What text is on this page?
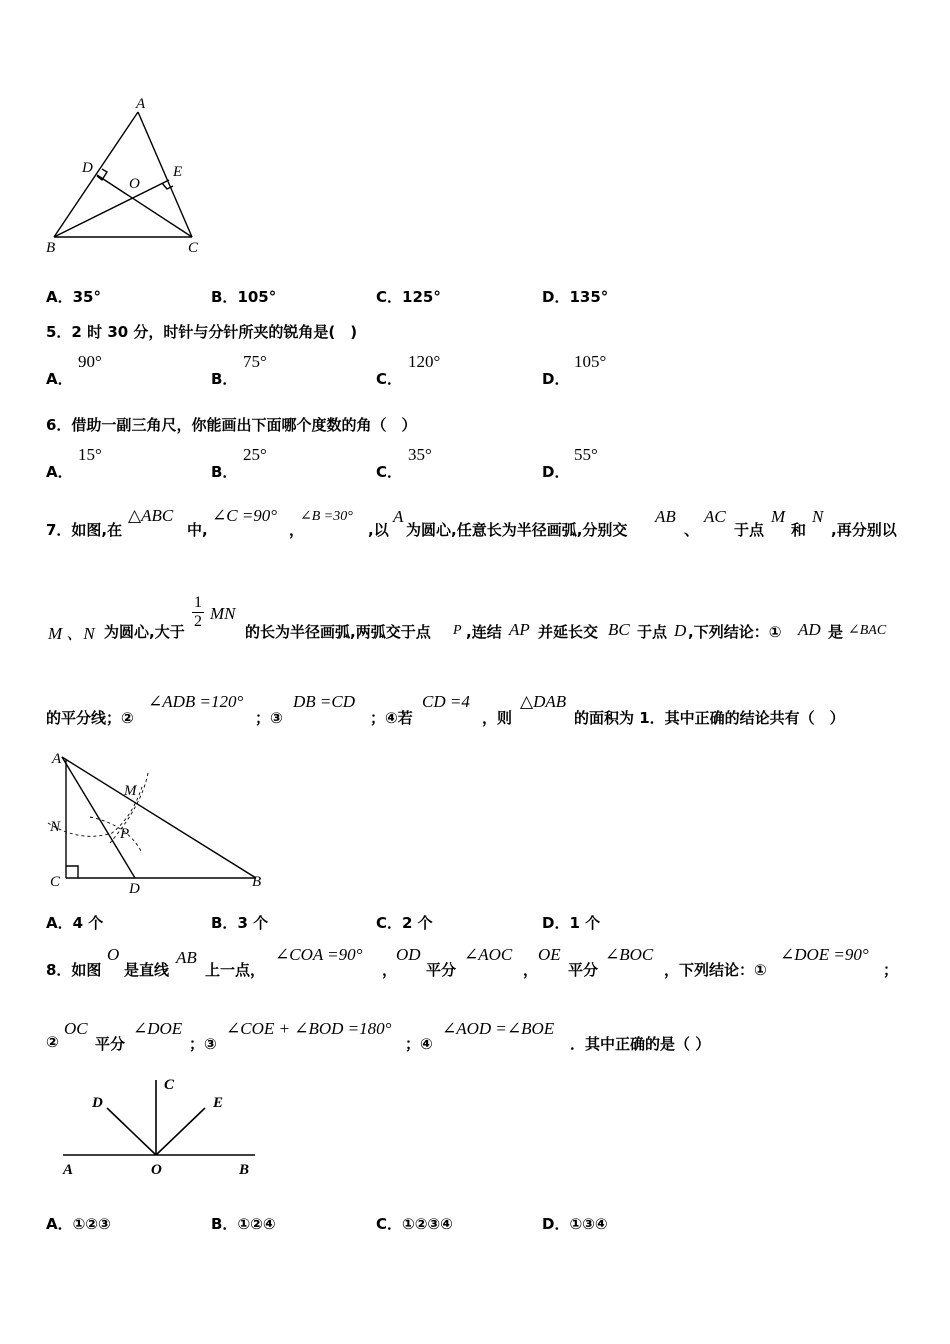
A
D	E
O
B	C
A．35°	B．105°	C．125°	D．135°
5．2 时 30 分，时针与分针所夹的锐角是(　)
A．
90°
B．
75°
C．
120°
D．
105°
6．借助一副三角尺，你能画出下面哪个度数的角（　）
A．
15°
B．
25°
C．
35°
D．
55°
7．如图,在
△ABC
中,
∠C =90°
，
∠B =30°
,以
A
为圆心,任意长为半径画弧,分别交
AB
、
AC
于点
M
和
N
,再分别以
M 、N 为圆心,大于
$\frac{1}{2}$ MN
的长为半径画弧,两弧交于点 P ,连结 AP 并延长交 BC 于点 D ,下列结论：① AD 是 ∠BAC
的平分线；②
∠ADB =120°
；③
DB =CD
；④若
CD =4
，则
△DAB
的面积为 1．其中正确的结论共有（　）
A
M
N	P
C	D	B
A．4 个	B．3 个	C．2 个	D．1 个
8．如图
O
是直线
AB
上一点，
∠COA =90°
，
OD
平分
∠AOC
，
OE
平分
∠BOC
，下列结论：①
∠DOE =90°
；
②
OC
平分
∠DOE
；③
∠COE + ∠BOD =180°
；④
∠AOD =∠BOE
．其中正确的是（ ）
C
D	E
A	O	B
A．①②③	B．①②④	C．①②③④	D．①③④
